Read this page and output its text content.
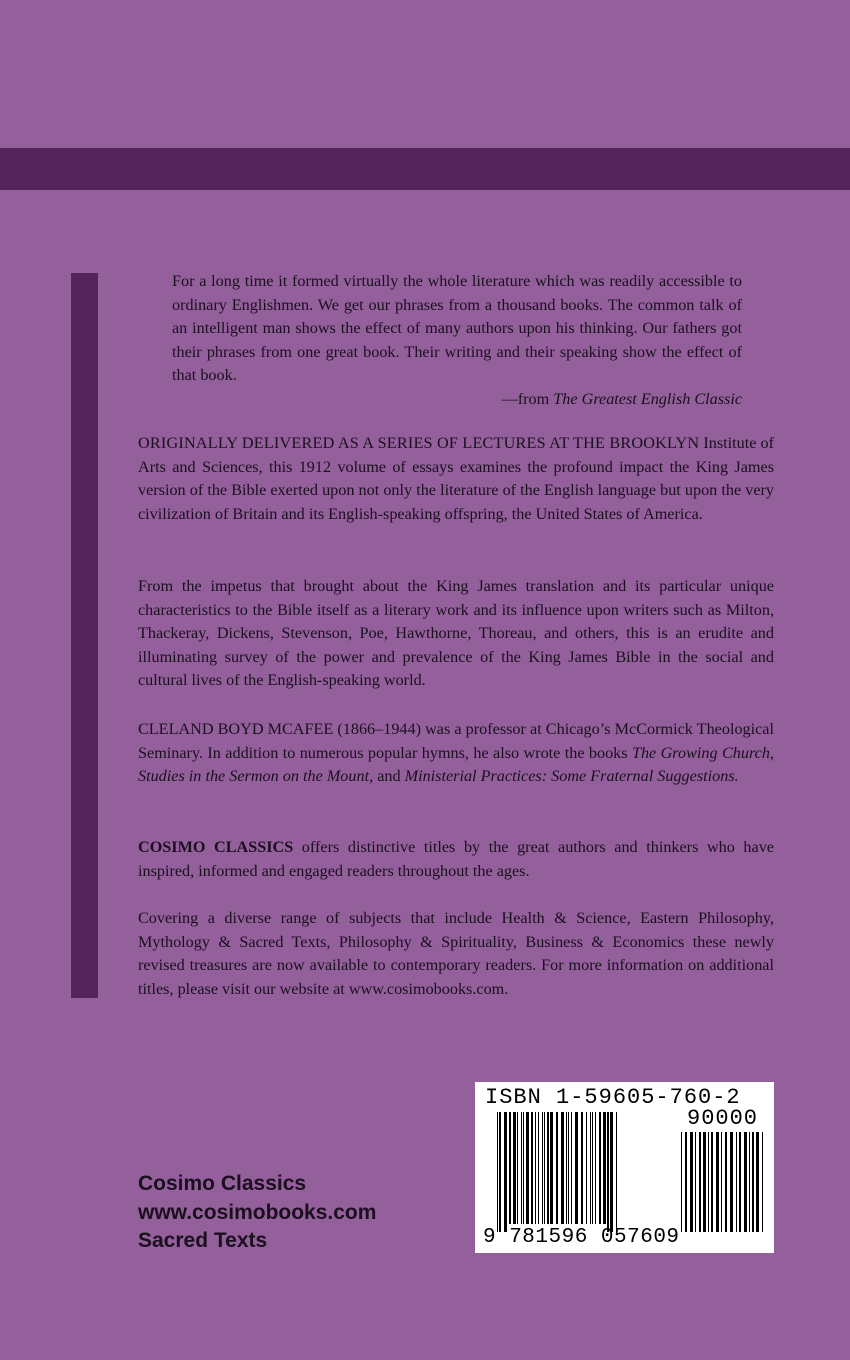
For a long time it formed virtually the whole literature which was readily accessible to ordinary Englishmen. We get our phrases from a thousand books. The common talk of an intelligent man shows the effect of many authors upon his thinking. Our fathers got their phrases from one great book. Their writing and their speaking show the effect of that book.

—from The Greatest English Classic

ORIGINALLY DELIVERED AS A SERIES OF LECTURES AT THE BROOKLYN Institute of Arts and Sciences, this 1912 volume of essays examines the profound impact the King James version of the Bible exerted upon not only the literature of the English language but upon the very civilization of Britain and its English-speaking offspring, the United States of America.

From the impetus that brought about the King James translation and its particular unique characteristics to the Bible itself as a literary work and its influence upon writers such as Milton, Thackeray, Dickens, Stevenson, Poe, Hawthorne, Thoreau, and others, this is an erudite and illuminating survey of the power and prevalence of the King James Bible in the social and cultural lives of the English-speaking world.

CLELAND BOYD MCAFEE (1866–1944) was a professor at Chicago’s McCormick Theological Seminary. In addition to numerous popular hymns, he also wrote the books The Growing Church, Studies in the Sermon on the Mount, and Ministerial Practices: Some Fraternal Suggestions.

COSIMO CLASSICS offers distinctive titles by the great authors and thinkers who have inspired, informed and engaged readers throughout the ages.

Covering a diverse range of subjects that include Health & Science, Eastern Philosophy, Mythology & Sacred Texts, Philosophy & Spirituality, Business & Economics these newly revised treasures are now available to contemporary readers. For more information on additional titles, please visit our website at www.cosimobooks.com.

Cosimo Classics
www.cosimobooks.com
Sacred Texts
ISBN 1-59605-760-2
90000
9 781596 057609
